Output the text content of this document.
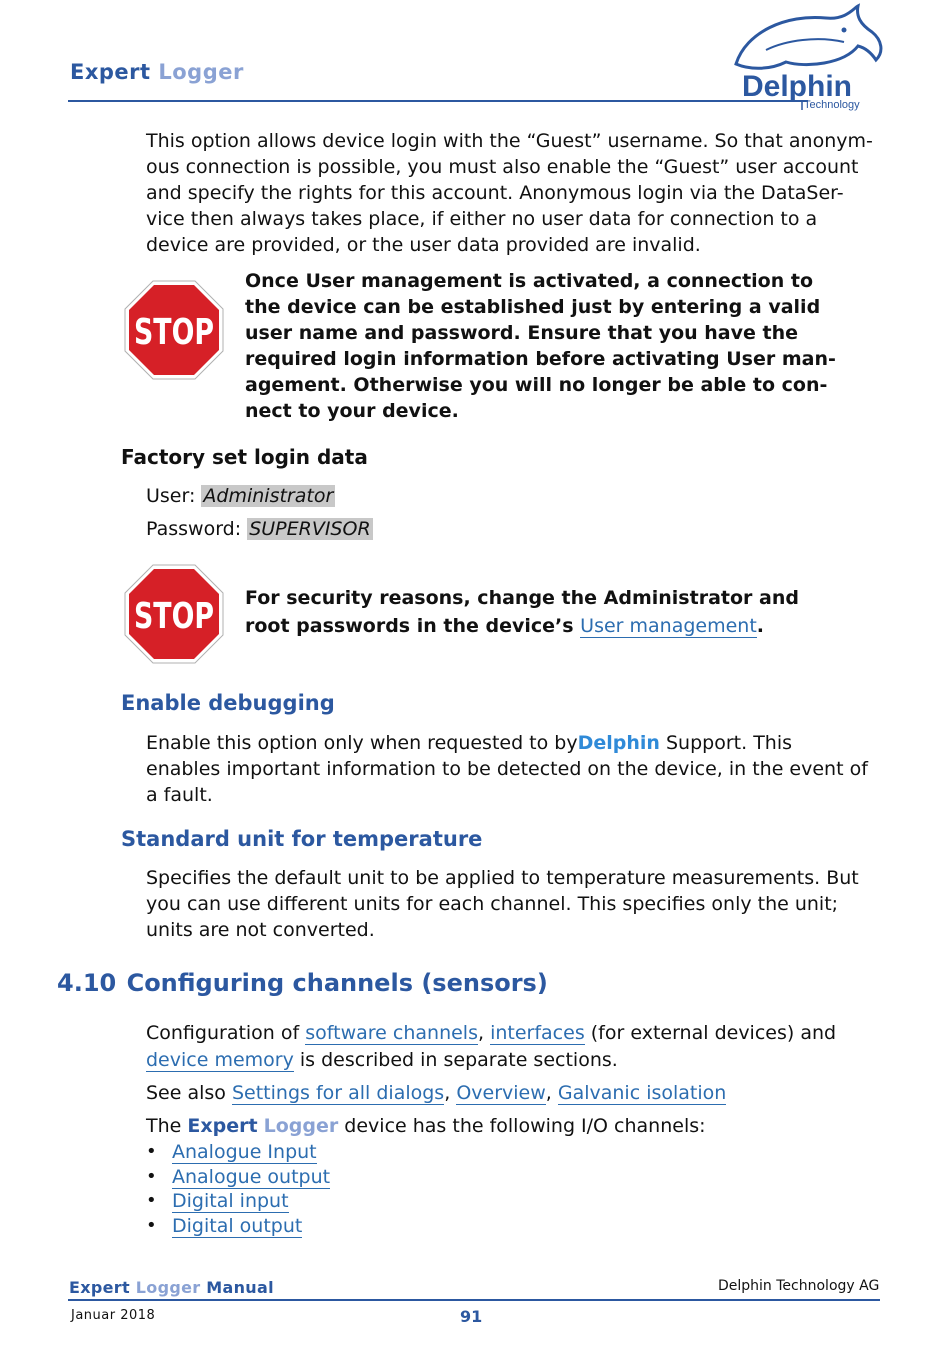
Expert Logger	Delphin
Technology
This option allows device login with the “Guest” username. So that anonym-
ous connection is possible, you must also enable the “Guest” user account
and specify the rights for this account. Anonymous login via the DataSer-
vice then always takes place, if either no user data for connection to a
device are provided, or the user data provided are invalid.
STOP
Once User management is activated, a connection to
the device can be established just by entering a valid
user name and password. Ensure that you have the
required login information before activating User man-
agement. Otherwise you will no longer be able to con-
nect to your device.
Factory set login data
User: Administrator
Password: SUPERVISOR
STOP For security reasons, change the Administrator and
root passwords in the device’s User management.
Enable debugging
Enable this option only when requested to byDelphin Support. This
enables important information to be detected on the device, in the event of
a fault.
Standard unit for temperature
Specifies the default unit to be applied to temperature measurements. But
you can use different units for each channel. This specifies only the unit;
units are not converted.
4.10 Configuring channels (sensors)
Configuration of software channels, interfaces (for external devices) and
device memory is described in separate sections.
See also Settings for all dialogs, Overview, Galvanic isolation
The Expert Logger device has the following I/O channels:
• Analogue Input
• Analogue output
• Digital input
• Digital output
Expert Logger Manual	Delphin Technology AG
Januar 2018	91
